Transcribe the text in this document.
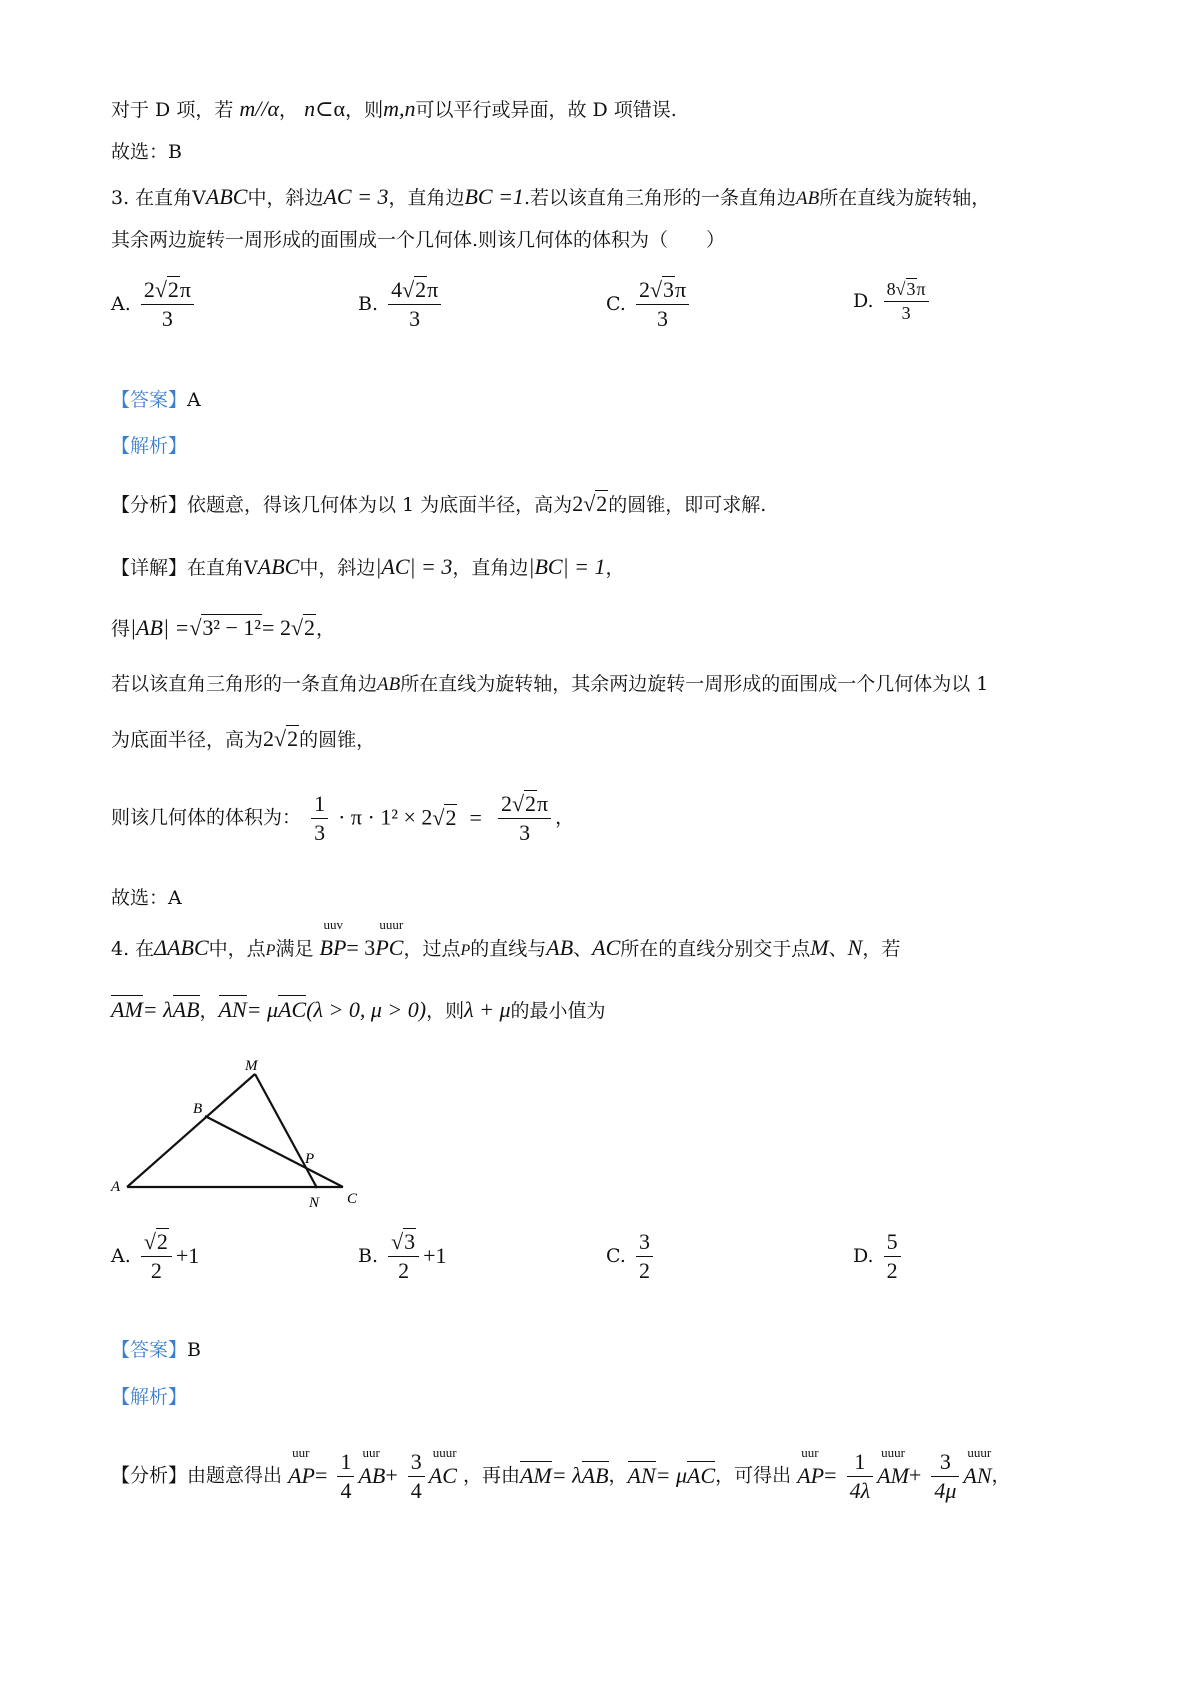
对于 D 项，若 m//α， n⊂α，则m,n可以平行或异面，故 D 项错误.
故选：B
3. 在直角VABC中，斜边AC = 3，直角边BC =1.若以该直角三角形的一条直角边AB所在直线为旋转轴，
其余两边旋转一周形成的面围成一个几何体.则该几何体的体积为（　　）
A. $\frac{2√2\pi}{3}$	B. $\frac{4√2\pi}{3}$	C. $\frac{2√3\pi}{3}$	D. $\frac{8√3\pi}{3}$
【答案】A
【解析】
【分析】依题意，得该几何体为以 1 为底面半径，高为2√2的圆锥，即可求解.
【详解】在直角VABC中，斜边|AC| = 3，直角边|BC| = 1，
得|AB| =√3² − 1²= 2√2，
若以该直角三角形的一条直角边AB所在直线为旋转轴，其余两边旋转一周形成的面围成一个几何体为以 1
为底面半径，高为2√2的圆锥，
则该几何体的体积为： $\frac{1}{3} \cdot \pi \cdot 1^2 \times 2√2 = \frac{2√2\pi}{3}$ ，
故选：A
4. 在ΔABC中，点P满足
uuv
BP= 3
uuur
PC，过点P的直线与AB、AC所在的直线分别交于点M、N，若
AM= λAB，AN= μAC(λ > 0, μ > 0)，则λ + μ的最小值为
M
B
P
A
N C
A. $\frac{√2}{2} +1$	B. $\frac{√3}{2} +1$	C. $\frac{3}{2}$	D. $\frac{5}{2}$
【答案】B
【解析】
【分析】由题意得出
uur
$AP= \frac{1}{4}$ uur
$AB+ \frac{3}{4}$ uuur
AC ，再由AM= λAB，AN= μAC，可得出
uur
$AP= \frac{1}{4\lambda}$ uuur
$AM+ \frac{3}{4\mu}$ uuur
AN，
